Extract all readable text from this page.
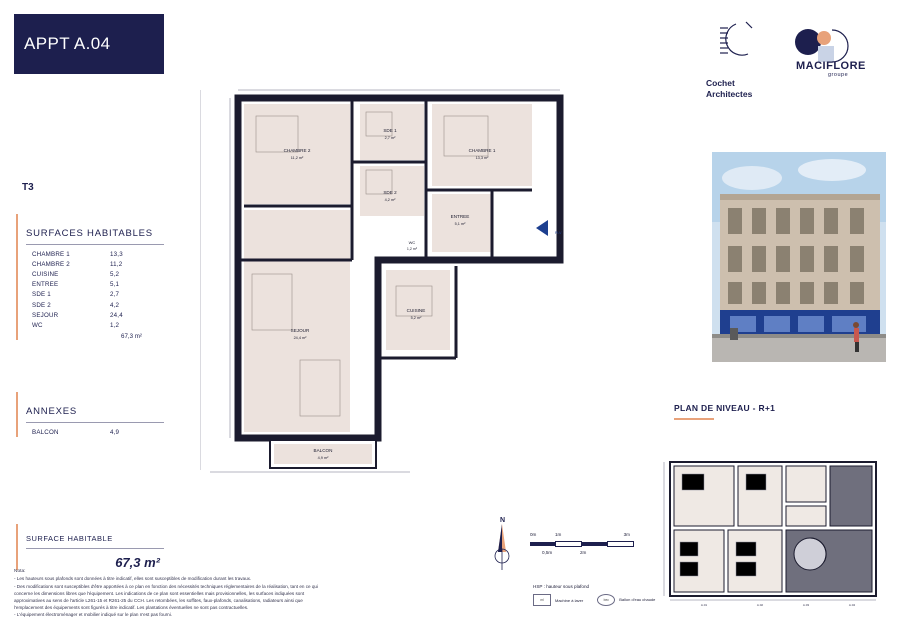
APPT A.04
T3
SURFACES HABITABLES
CHAMBRE 1	13,3
CHAMBRE 2	11,2
CUISINE	5,2
ENTREE	5,1
SDE 1	2,7
SDE 2	4,2
SEJOUR	24,4
WC	1,2
67,3 m²
ANNEXES
BALCON	4,9
SURFACE HABITABLE
67,3 m²
Nota:
- Les hauteurs sous plafonds sont données à titre indicatif, elles sont susceptibles de modification durant les travaux.
- Des modifications sont susceptibles d'être apportées à ce plan en fonction des nécessités techniques réglementaires de la réalisation, tant en ce qui
concerne les dimensions libres que l'équipement. Les indications de ce plan sont essentielles mais provisionnelles, les surfaces indiquées sont
approximatives au sens de l'article L261-15 et R261-25 du CCH. Les retombées, les soffites, faux-plafonds, canalisations, radiateurs ainsi que
l'emplacement des équipements sont figurés à titre indicatif. Les plantations éventuelles ne sont pas contractuelles.
- L'équipement électroménager et mobilier indiqué sur le plan n'est pas fourni.
CHAMBRE 2
11,2 m²
CHAMBRE 1
13,3 m²
SDE 2
4,2 m²
SDE 1
2,7 m²
ENTREE
5,1 m²
WC
1,2 m²
SEJOUR
24,4 m²
CUISINE
5,2 m²
BALCON
4,9 m²
PLV
N
0m	1m	3m
0,5m	2m
HSP : hauteur sous plafond
ml	Machine à laver	bec	Ballon d'eau chaude
Cochet
Architectes
MACIFLORE
groupe
PLAN DE NIVEAU - R+1
A.01	A.02	A.03	A.04
